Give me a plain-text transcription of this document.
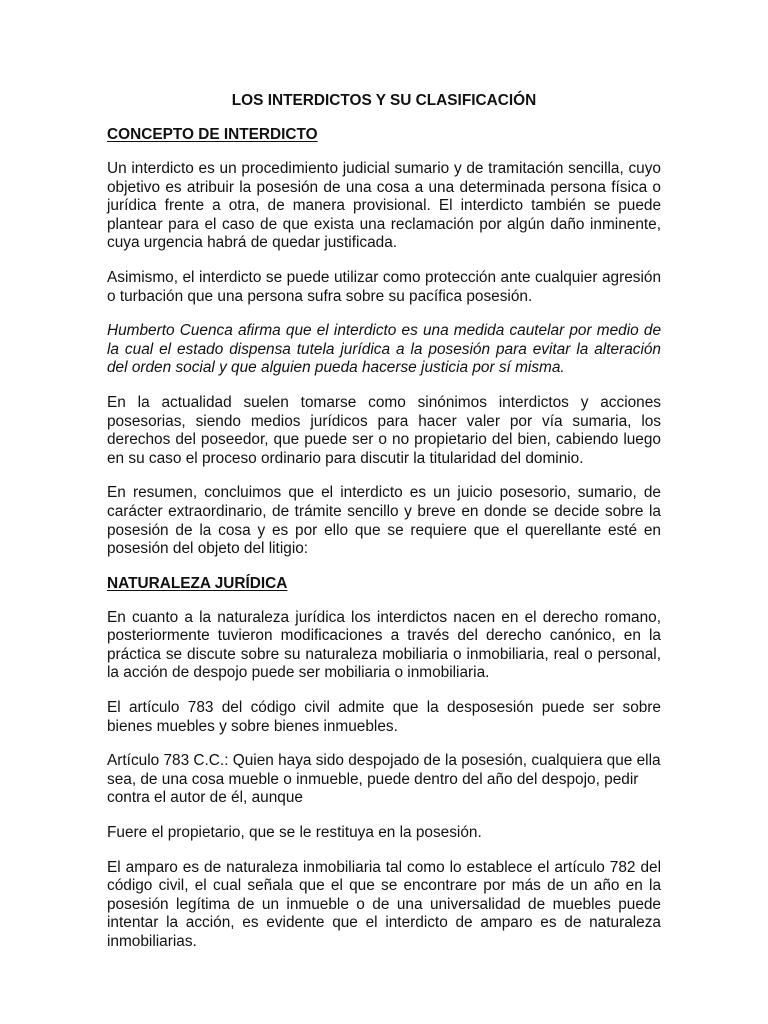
LOS INTERDICTOS Y SU CLASIFICACIÓN
CONCEPTO DE INTERDICTO

Un interdicto es un procedimiento judicial sumario y de tramitación sencilla, cuyo objetivo es atribuir la posesión de una cosa a una determinada persona física o jurídica frente a otra, de manera provisional. El interdicto también se puede plantear para el caso de que exista una reclamación por algún daño inminente, cuya urgencia habrá de quedar justificada.

Asimismo, el interdicto se puede utilizar como protección ante cualquier agresión o turbación que una persona sufra sobre su pacífica posesión.

Humberto Cuenca afirma que el interdicto es una medida cautelar por medio de la cual el estado dispensa tutela jurídica a la posesión para evitar la alteración del orden social y que alguien pueda hacerse justicia por sí misma.

En la actualidad suelen tomarse como sinónimos interdictos y acciones posesorias, siendo medios jurídicos para hacer valer por vía sumaria, los derechos del poseedor, que puede ser o no propietario del bien, cabiendo luego en su caso el proceso ordinario para discutir la titularidad del dominio.

En resumen, concluimos que el interdicto es un juicio posesorio, sumario, de carácter extraordinario, de trámite sencillo y breve en donde se decide sobre la posesión de la cosa y es por ello que se requiere que el querellante esté en posesión del objeto del litigio:

NATURALEZA JURÍDICA

En cuanto a la naturaleza jurídica los interdictos nacen en el derecho romano, posteriormente tuvieron modificaciones a través del derecho canónico, en la práctica se discute sobre su naturaleza mobiliaria o inmobiliaria, real o personal, la acción de despojo puede ser mobiliaria o inmobiliaria.

El artículo 783 del código civil admite que la desposesión puede ser sobre bienes muebles y sobre bienes inmuebles.

Artículo 783 C.C.: Quien haya sido despojado de la posesión, cualquiera que ella sea, de una cosa mueble o inmueble, puede dentro del año del despojo, pedir contra el autor de él, aunque

Fuere el propietario, que se le restituya en la posesión.

El amparo es de naturaleza inmobiliaria tal como lo establece el artículo 782 del código civil, el cual señala que el que se encontrare por más de un año en la posesión legítima de un inmueble o de una universalidad de muebles puede intentar la acción, es evidente que el interdicto de amparo es de naturaleza inmobiliarias.
